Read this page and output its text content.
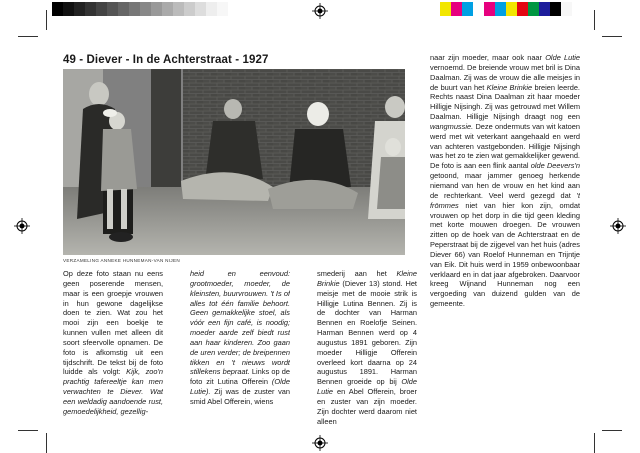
49 - Diever - In de Achterstraat - 1927
VERZAMELING ANNEKE HUNNEMAN-VAN NIJEN

Op deze foto staan nu eens geen poserende mensen, maar is een groepje vrouwen in hun gewone dagelijkse doen te zien. Wat zou het mooi zijn een boekje te kunnen vullen met alleen dit soort sfeervolle opnamen. De foto is afkomstig uit een tijdschrift. De tekst bij de foto luidde als volgt: Kijk, zoo'n prachtig tafereeltje kan men verwachten te Diever. Wat een weldadig aandoende rust, gemoedelijkheid, gezellig-

heid en eenvoud: grootmoeder, moeder, de kleinsten, buurvrouwen. 't Is of alles tot één familie behoort. Geen gemakkelijke stoel, als vóór een fijn café, is noodig; moeder aarde zelf biedt rust aan haar kinderen. Zoo gaan de uren verder; de breipennen tikken en 't nieuws wordt stillekens bepraat. Links op de foto zit Lutina Offerein (Olde Lutie). Zij was de zuster van smid Abel Offerein, wiens

smederij aan het Kleine Brinkie (Diever 13) stond. Het meisje met de mooie strik is Hilligje Lutina Bennen. Zij is de dochter van Harman Bennen en Roelofje Seinen. Harman Bennen werd op 4 augustus 1891 geboren. Zijn moeder Hilligje Offerein overleed kort daarna op 24 augustus 1891. Harman Bennen groeide op bij Olde Lutie en Abel Offerein, broer en zuster van zijn moeder. Zijn dochter werd daarom niet alleen

naar zijn moeder, maar ook naar Olde Lutie vernoemd. De breiende vrouw met bril is Dina Daalman. Zij was de vrouw die alle meisjes in de buurt van het Kleine Brinkie breien leerde. Rechts naast Dina Daalman zit haar moeder Hilligje Nijsingh. Zij was getrouwd met Willem Daalman. Hilligje Nijsingh draagt nog een wangmussie. Deze ondermuts van wit katoen werd met wit veterkant aangehaald en werd van achteren vastgebonden. Hilligje Nijsingh was het zo te zien wat gemakkelijker gewend. De foto is aan een flink aantal olde Deevers'n getoond, maar jammer genoeg herkende niemand van hen de vrouw en het kind aan de rechterkant. Veel werd gezegd dat 't frömmes niet van hier kon zijn, omdat vrouwen op het dorp in die tijd geen kleding met korte mouwen droegen. De vrouwen zitten op de hoek van de Achterstraat en de Peperstraat bij de zijgevel van het huis (adres Diever 66) van Roelof Hunneman en Trijntje van Eik. Dit huis werd in 1959 onbewoonbaar verklaard en in dat jaar afgebroken. Daarvoor kreeg Wijnand Hunneman nog een vergoeding van duizend gulden van de gemeente.
